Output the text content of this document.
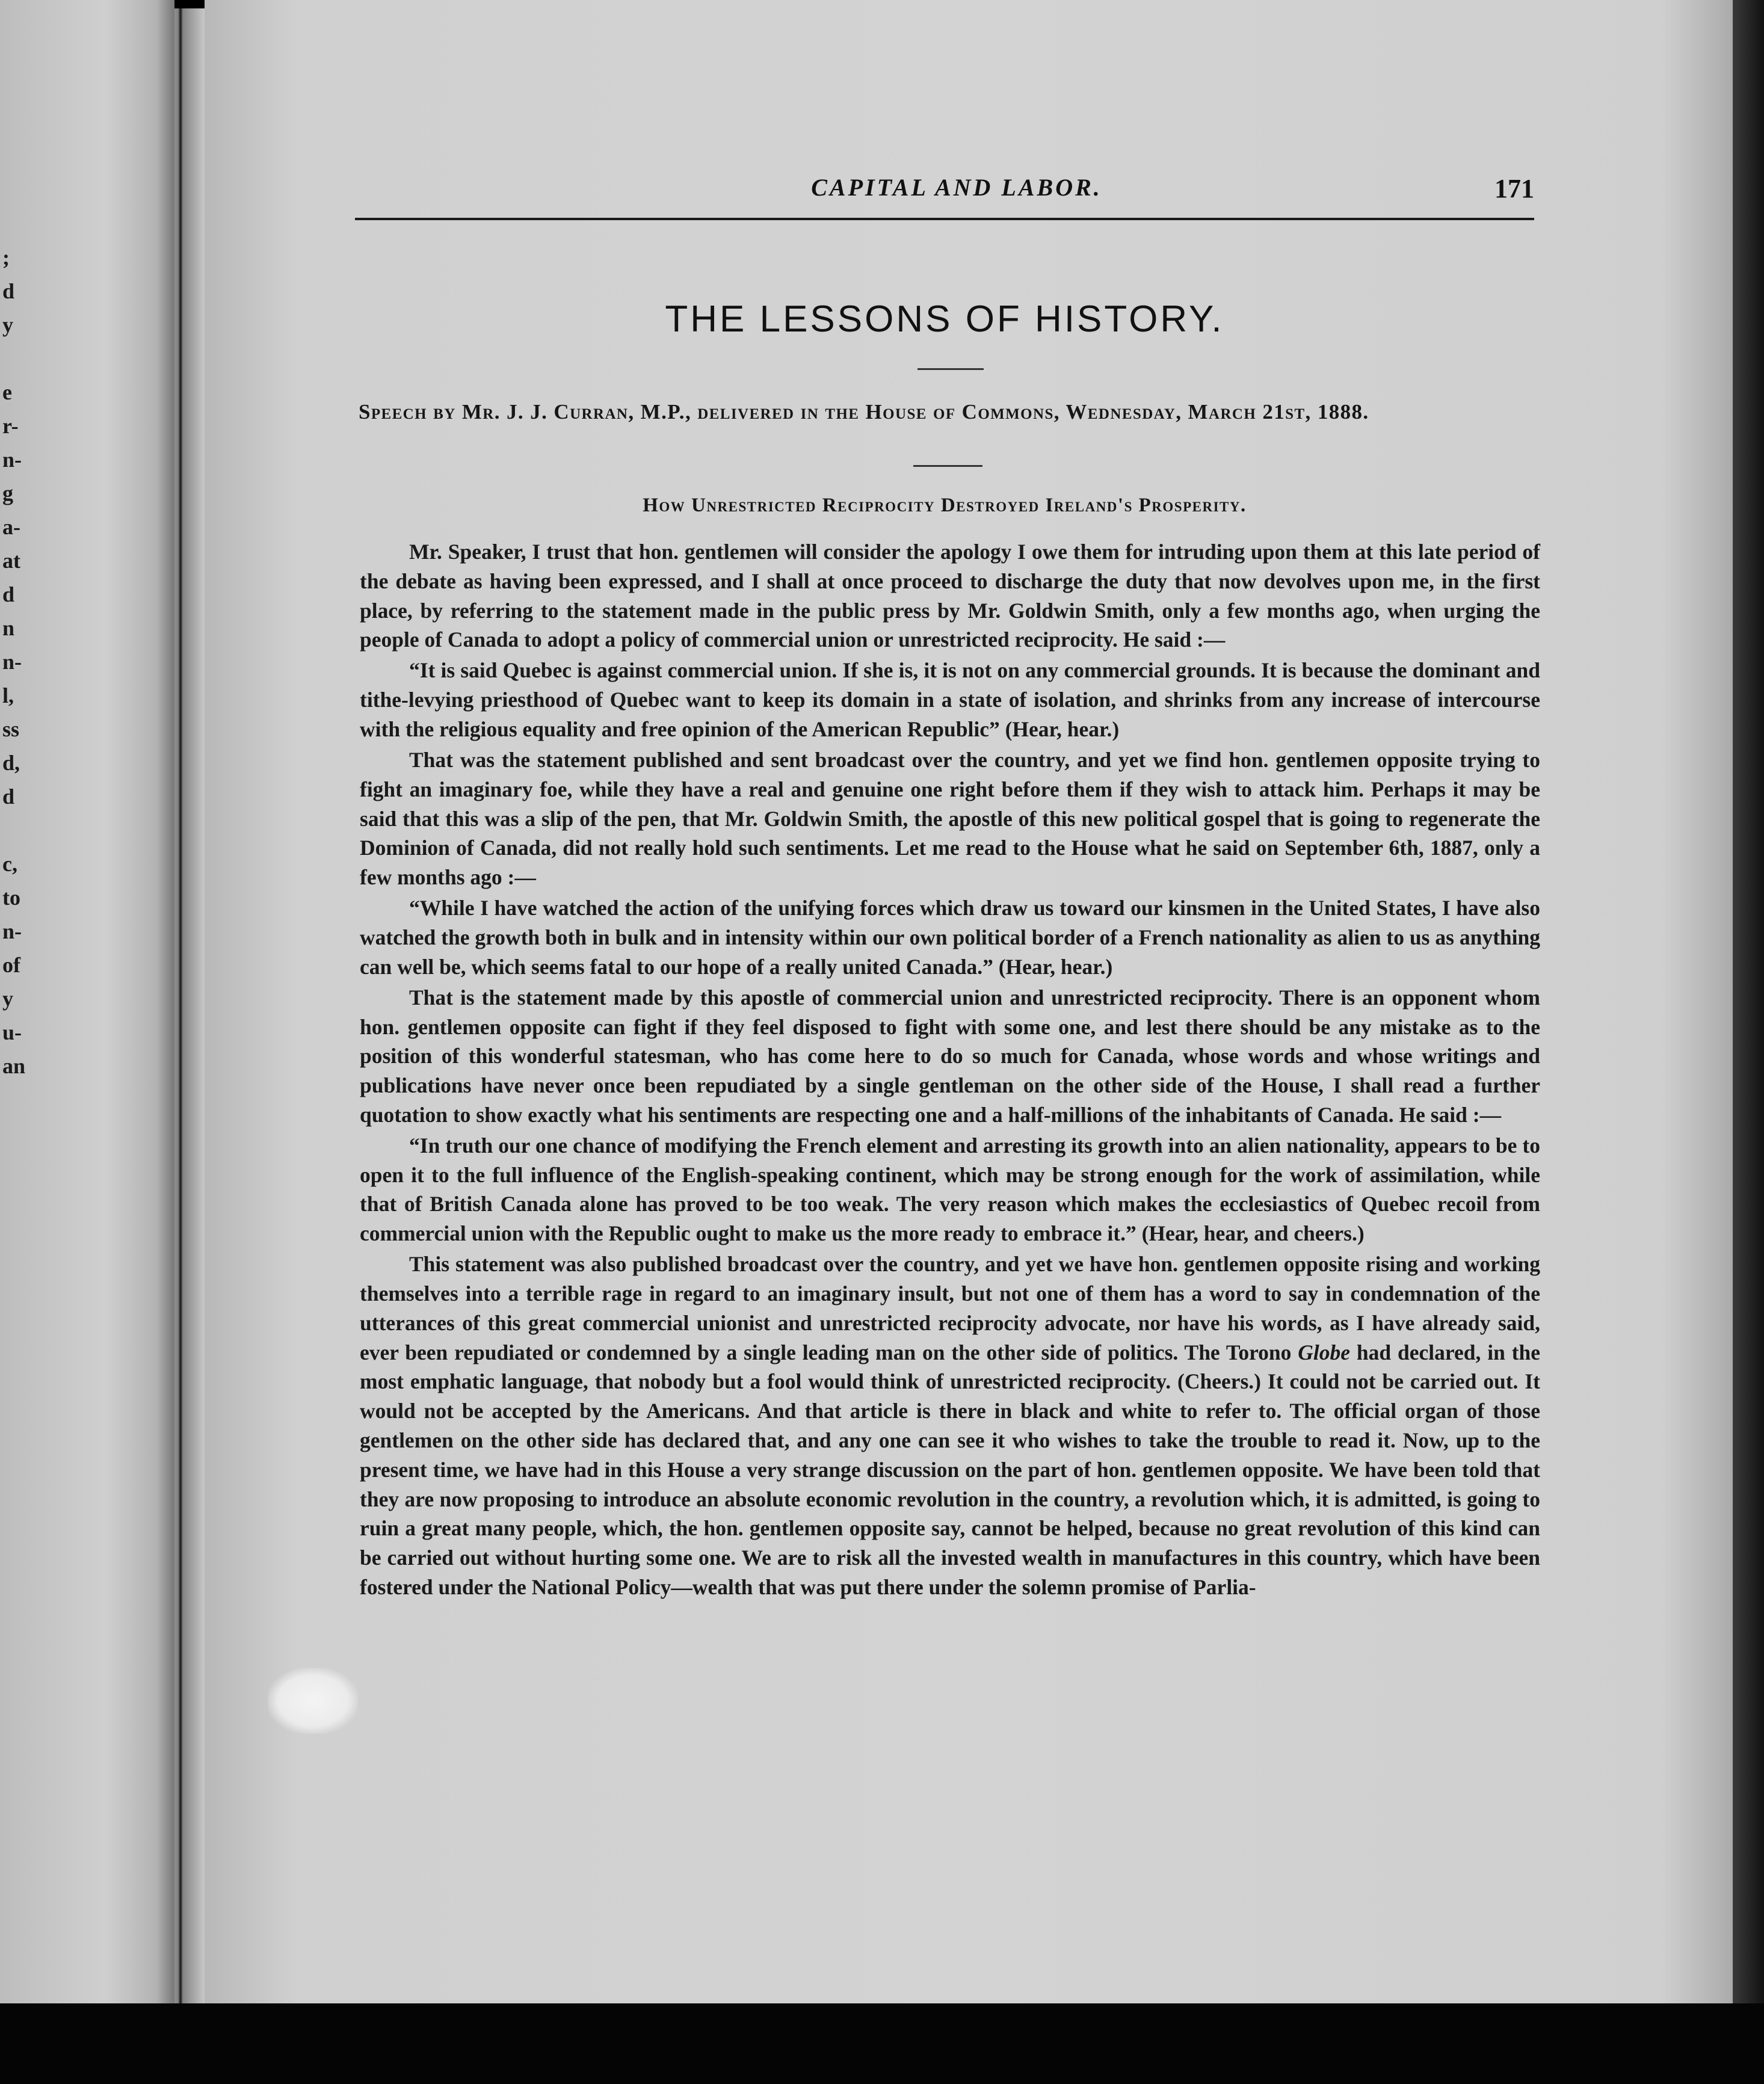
;
d
y
e
r-
n-
g
a-
at
d
n
n-
l,
ss
d,
d
c,
to
n-
of
y
u-
an
CAPITAL AND LABOR.	171
THE LESSONS OF HISTORY.
Speech by Mr. J. J. Curran, M.P., delivered in the House of Commons, Wednesday, March 21st, 1888.
How Unrestricted Reciprocity Destroyed Ireland's Prosperity.

Mr. Speaker, I trust that hon. gentlemen will consider the apology I owe them for intruding upon them at this late period of the debate as having been expressed, and I shall at once proceed to discharge the duty that now devolves upon me, in the first place, by referring to the statement made in the public press by Mr. Goldwin Smith, only a few months ago, when urging the people of Canada to adopt a policy of commercial union or unrestricted reciprocity. He said :—

“It is said Quebec is against commercial union. If she is, it is not on any commercial grounds. It is because the dominant and tithe-levying priesthood of Quebec want to keep its domain in a state of isolation, and shrinks from any increase of intercourse with the religious equality and free opinion of the American Republic” (Hear, hear.)

That was the statement published and sent broadcast over the country, and yet we find hon. gentlemen opposite trying to fight an imaginary foe, while they have a real and genuine one right before them if they wish to attack him. Perhaps it may be said that this was a slip of the pen, that Mr. Goldwin Smith, the apostle of this new political gospel that is going to regenerate the Dominion of Canada, did not really hold such sentiments. Let me read to the House what he said on September 6th, 1887, only a few months ago :—

“While I have watched the action of the unifying forces which draw us toward our kinsmen in the United States, I have also watched the growth both in bulk and in intensity within our own political border of a French nationality as alien to us as anything can well be, which seems fatal to our hope of a really united Canada.” (Hear, hear.)

That is the statement made by this apostle of commercial union and unrestricted reciprocity. There is an opponent whom hon. gentlemen opposite can fight if they feel disposed to fight with some one, and lest there should be any mistake as to the position of this wonderful statesman, who has come here to do so much for Canada, whose words and whose writings and publications have never once been repudiated by a single gentleman on the other side of the House, I shall read a further quotation to show exactly what his sentiments are respecting one and a half-millions of the inhabitants of Canada. He said :—

“In truth our one chance of modifying the French element and arresting its growth into an alien nationality, appears to be to open it to the full influence of the English-speaking continent, which may be strong enough for the work of assimilation, while that of British Canada alone has proved to be too weak. The very reason which makes the ecclesiastics of Quebec recoil from commercial union with the Republic ought to make us the more ready to embrace it.” (Hear, hear, and cheers.)

This statement was also published broadcast over the country, and yet we have hon. gentlemen opposite rising and working themselves into a terrible rage in regard to an imaginary insult, but not one of them has a word to say in condemnation of the utterances of this great commercial unionist and unrestricted reciprocity advocate, nor have his words, as I have already said, ever been repudiated or condemned by a single leading man on the other side of politics. The Torono Globe had declared, in the most emphatic language, that nobody but a fool would think of unrestricted reciprocity. (Cheers.) It could not be carried out. It would not be accepted by the Americans. And that article is there in black and white to refer to. The official organ of those gentlemen on the other side has declared that, and any one can see it who wishes to take the trouble to read it. Now, up to the present time, we have had in this House a very strange discussion on the part of hon. gentlemen opposite. We have been told that they are now proposing to introduce an absolute economic revolution in the country, a revolution which, it is admitted, is going to ruin a great many people, which, the hon. gentlemen opposite say, cannot be helped, because no great revolution of this kind can be carried out without hurting some one. We are to risk all the invested wealth in manufactures in this country, which have been fostered under the National Policy—wealth that was put there under the solemn promise of Parlia-
